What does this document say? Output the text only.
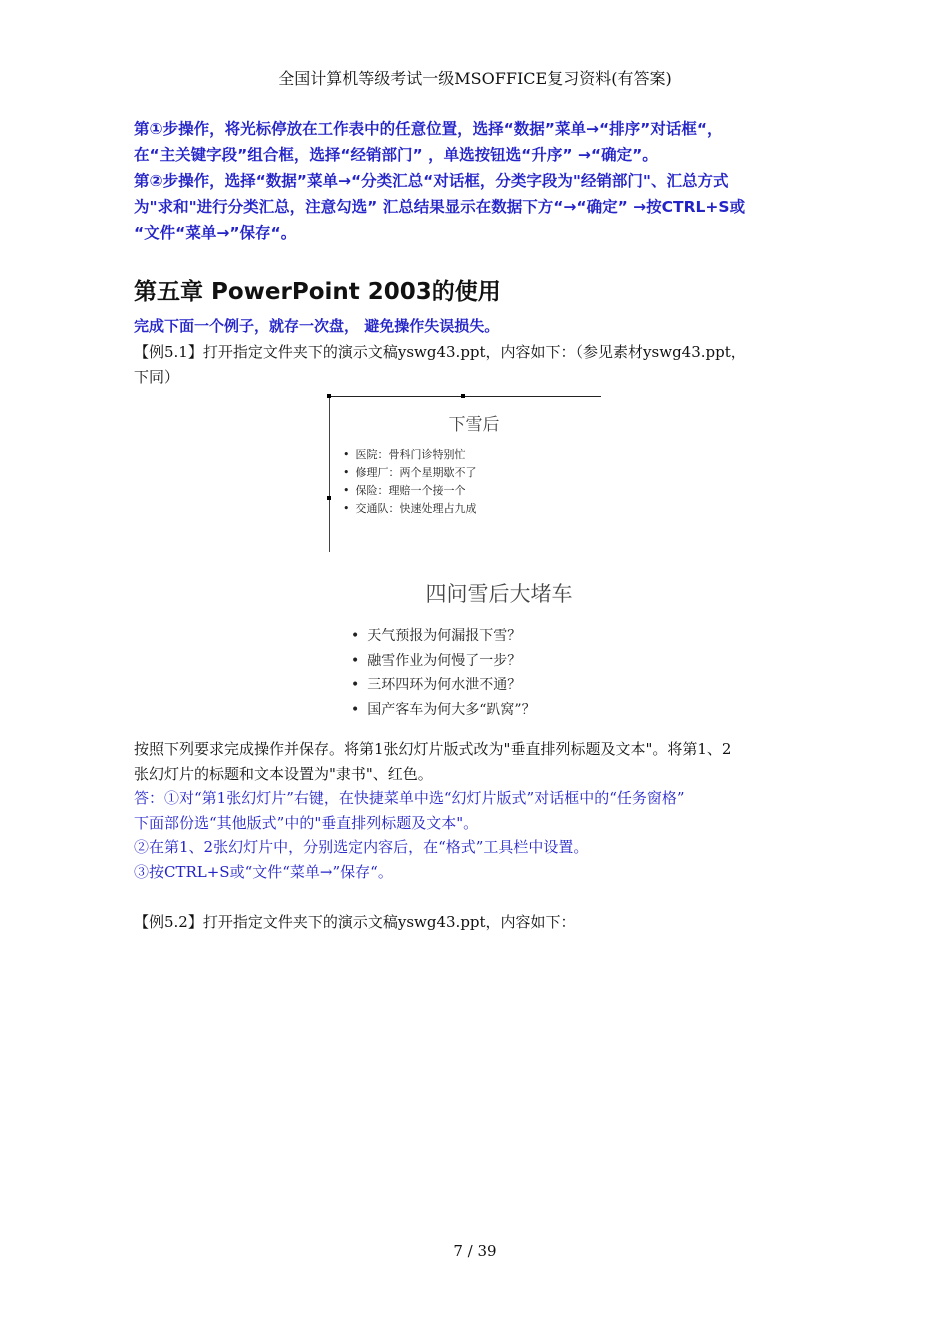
全国计算机等级考试一级MSOFFICE复习资料(有答案)

第①步操作，将光标停放在工作表中的任意位置，选择“数据”菜单→“排序”对话框“，

在“主关键字段”组合框，选择“经销部门” ，单选按钮选“升序” →“确定”。

第②步操作，选择“数据”菜单→“分类汇总“对话框，分类字段为"经销部门"、汇总方式

为"求和"进行分类汇总，注意勾选” 汇总结果显示在数据下方“→“确定” →按CTRL+S或

“文件“菜单→”保存“。

第五章 PowerPoint 2003的使用
完成下面一个例子，就存一次盘， 避免操作失误损失。

【例5.1】打开指定文件夹下的演示文稿yswg43.ppt，内容如下：（参见素材yswg43.ppt，

下同）

下雪后
• 医院：骨科门诊特别忙
• 修理厂：两个星期歇不了
• 保险：理赔一个接一个
• 交通队：快速处理占九成
四问雪后大堵车
• 天气预报为何漏报下雪？
• 融雪作业为何慢了一步？
• 三环四环为何水泄不通？
• 国产客车为何大多“趴窝”？

按照下列要求完成操作并保存。将第1张幻灯片版式改为"垂直排列标题及文本"。将第1、2

张幻灯片的标题和文本设置为"隶书"、红色。

答：①对“第1张幻灯片”右键，在快捷菜单中选“幻灯片版式”对话框中的“任务窗格”

下面部份选“其他版式”中的"垂直排列标题及文本"。

②在第1、2张幻灯片中，分别选定内容后，在“格式”工具栏中设置。

③按CTRL+S或“文件“菜单→”保存“。

【例5.2】打开指定文件夹下的演示文稿yswg43.ppt，内容如下：
7 / 39
